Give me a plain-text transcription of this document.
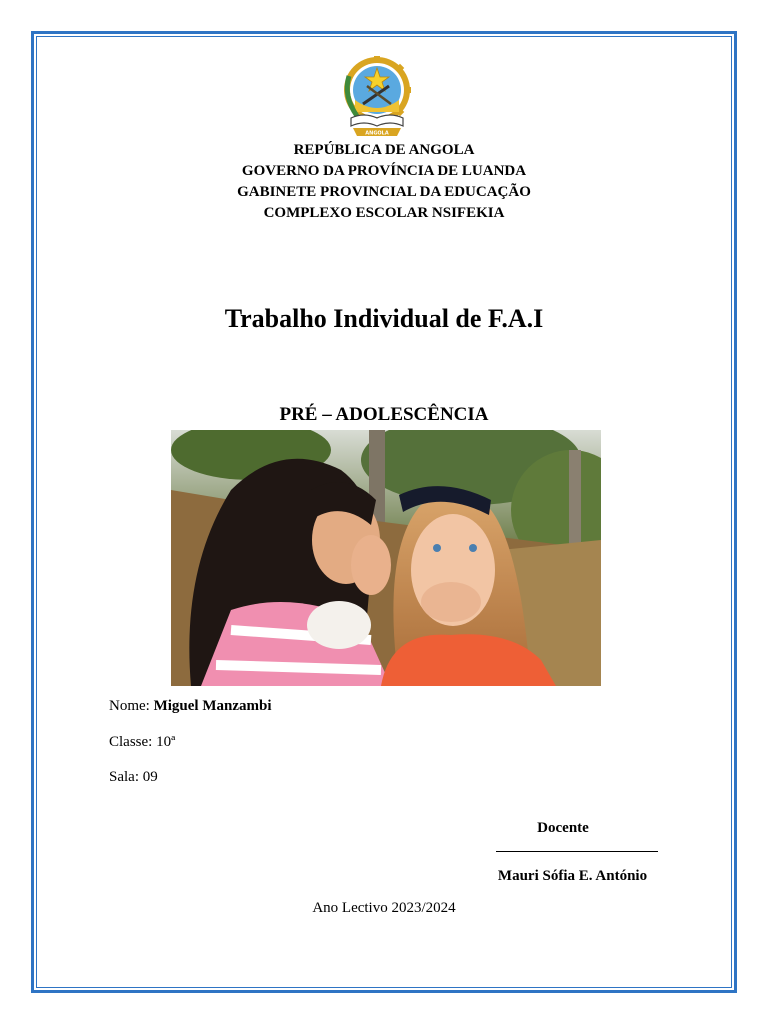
ANGOLA
REPÚBLICA DE ANGOLA
GOVERNO DA PROVÍNCIA DE LUANDA
GABINETE PROVINCIAL DA EDUCAÇÃO
COMPLEXO ESCOLAR NSIFEKIA
Trabalho Individual de F.A.I
PRÉ – ADOLESCÊNCIA
Nome: Miguel Manzambi
Classe: 10ª
Sala: 09
Docente
Mauri Sófia E. António
Ano Lectivo 2023/2024
